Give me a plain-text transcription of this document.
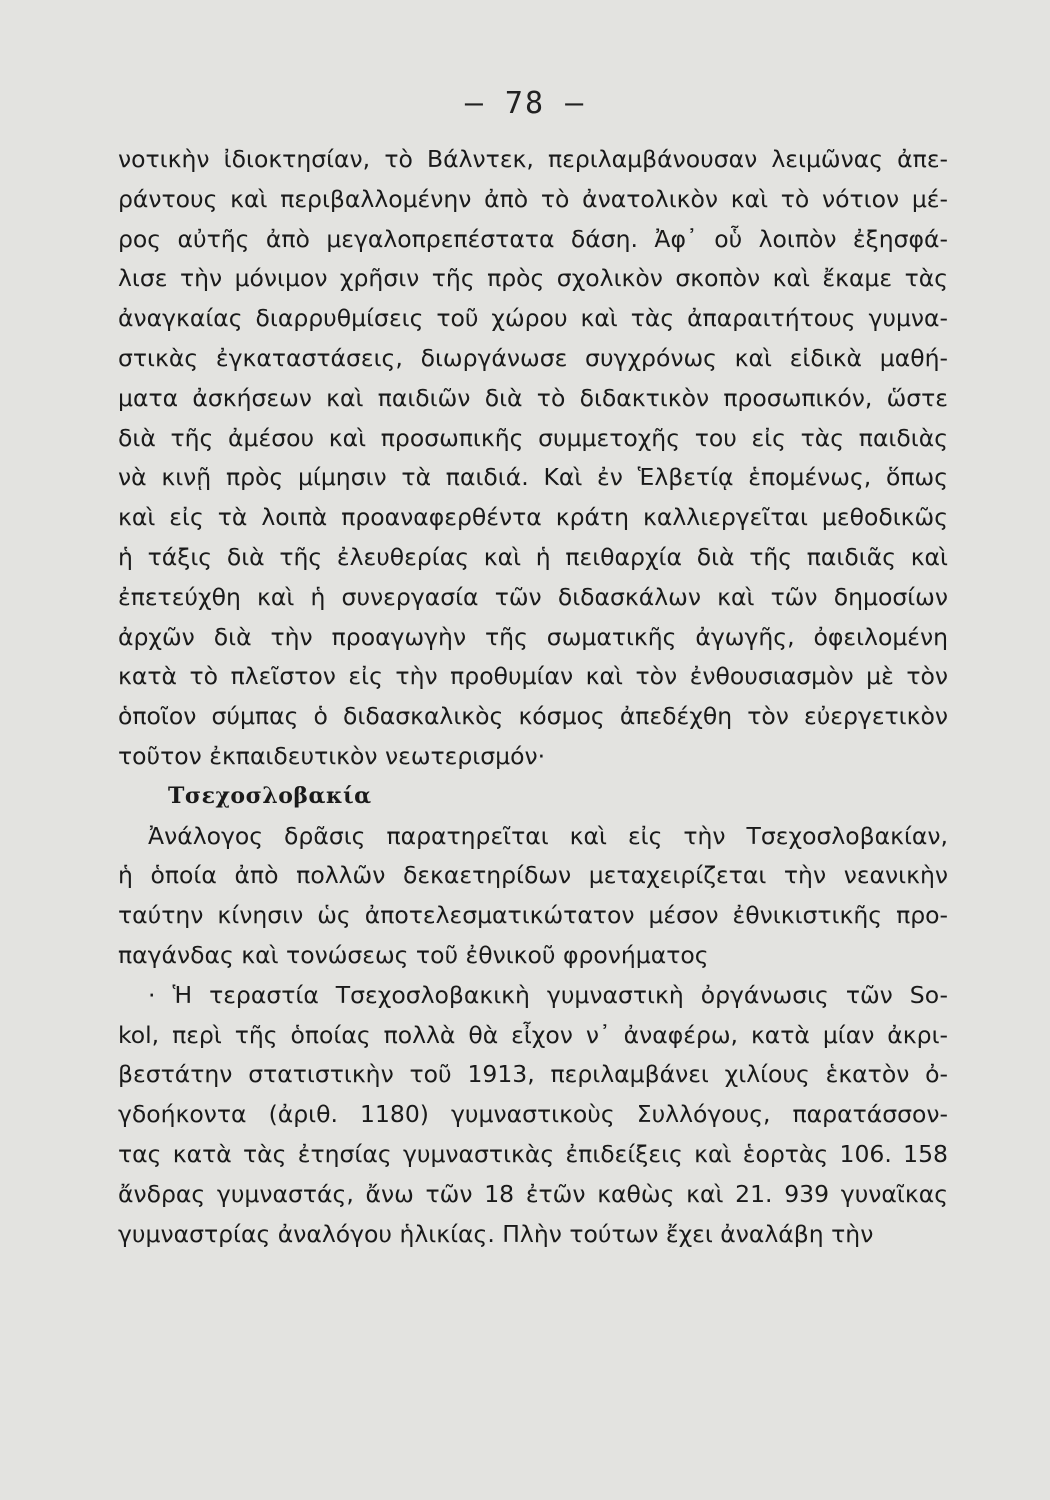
— 78 —
νοτικὴν ἰδιοκτησίαν, τὸ Βάλντεκ, περιλαμβάνουσαν λειμῶνας ἀπε-
ράντους καὶ περιβαλλομένην ἀπὸ τὸ ἀνατολικὸν καὶ τὸ νότιον μέ-
ρος αὐτῆς ἀπὸ μεγαλοπρεπέστατα δάση. Ἀφ᾽ οὗ λοιπὸν ἐξησφά-
λισε τὴν μόνιμον χρῆσιν τῆς πρὸς σχολικὸν σκοπὸν καὶ ἔκαμε τὰς
ἀναγκαίας διαρρυθμίσεις τοῦ χώρου καὶ τὰς ἀπαραιτήτους γυμνα-
στικὰς ἐγκαταστάσεις, διωργάνωσε συγχρόνως καὶ εἰδικὰ μαθή-
ματα ἀσκήσεων καὶ παιδιῶν διὰ τὸ διδακτικὸν προσωπικόν, ὥστε
διὰ τῆς ἀμέσου καὶ προσωπικῆς συμμετοχῆς του εἰς τὰς παιδιὰς
νὰ κινῇ πρὸς μίμησιν τὰ παιδιά. Καὶ ἐν Ἑλβετίᾳ ἑπομένως, ὅπως
καὶ εἰς τὰ λοιπὰ προαναφερθέντα κράτη καλλιεργεῖται μεθοδικῶς
ἡ τάξις διὰ τῆς ἐλευθερίας καὶ ἡ πειθαρχία διὰ τῆς παιδιᾶς καὶ
ἐπετεύχθη καὶ ἡ συνεργασία τῶν διδασκάλων καὶ τῶν δημοσίων
ἀρχῶν διὰ τὴν προαγωγὴν τῆς σωματικῆς ἀγωγῆς, ὀφειλομένη
κατὰ τὸ πλεῖστον εἰς τὴν προθυμίαν καὶ τὸν ἐνθουσιασμὸν μὲ τὸν
ὁποῖον σύμπας ὁ διδασκαλικὸς κόσμος ἀπεδέχθη τὸν εὐεργετικὸν
τοῦτον ἐκπαιδευτικὸν νεωτερισμόν·
Τσεχοσλοβακία
Ἀνάλογος δρᾶσις παρατηρεῖται καὶ εἰς τὴν Τσεχοσλοβακίαν,
ἡ ὁποία ἀπὸ πολλῶν δεκαετηρίδων μεταχειρίζεται τὴν νεανικὴν
ταύτην κίνησιν ὡς ἀποτελεσματικώτατον μέσον ἐθνικιστικῆς προ-
παγάνδας καὶ τονώσεως τοῦ ἐθνικοῦ φρονήματος
· Ἡ τεραστία Τσεχοσλοβακικὴ γυμναστικὴ ὀργάνωσις τῶν So-
kol, περὶ τῆς ὁποίας πολλὰ θὰ εἶχον ν᾽ ἀναφέρω, κατὰ μίαν ἀκρι-
βεστάτην στατιστικὴν τοῦ 1913, περιλαμβάνει χιλίους ἑκατὸν ὀ-
γδοήκοντα (ἀριθ. 1180) γυμναστικοὺς Συλλόγους, παρατάσσον-
τας κατὰ τὰς ἐτησίας γυμναστικὰς ἐπιδείξεις καὶ ἑορτὰς 106. 158
ἄνδρας γυμναστάς, ἄνω τῶν 18 ἐτῶν καθὼς καὶ 21. 939 γυναῖκας
γυμναστρίας ἀναλόγου ἡλικίας. Πλὴν τούτων ἔχει ἀναλάβη τὴν
